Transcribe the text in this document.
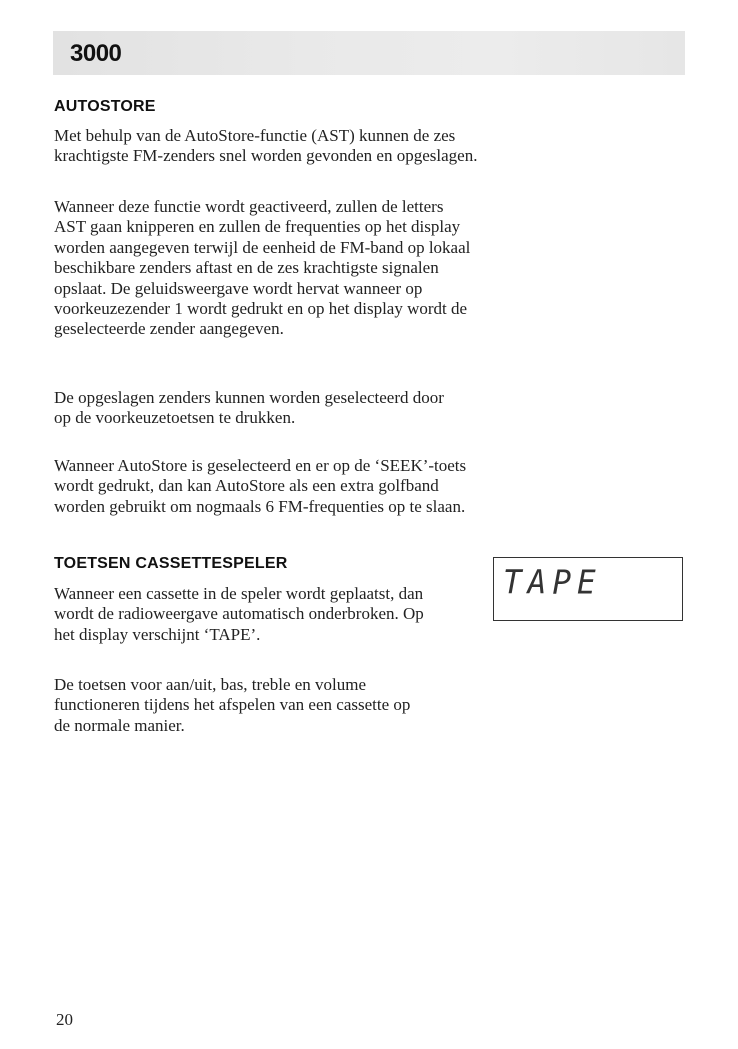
3000
AUTOSTORE

Met behulp van de AutoStore-functie (AST) kunnen de zes krachtigste FM-zenders snel worden gevonden en opgeslagen.

Wanneer deze functie wordt geactiveerd, zullen de letters AST gaan knipperen en zullen de frequenties op het display worden aangegeven terwijl de eenheid de FM-band op lokaal beschikbare zenders aftast en de zes krachtigste signalen opslaat. De geluidsweergave wordt hervat wanneer op voorkeuzezender 1 wordt gedrukt en op het display wordt de geselecteerde zender aangegeven.

De opgeslagen zenders kunnen worden geselecteerd door op de voorkeuzetoetsen te drukken.

Wanneer AutoStore is geselecteerd en er op de ‘SEEK’-toets wordt gedrukt, dan kan AutoStore als een extra golfband worden gebruikt om nogmaals 6 FM-frequenties op te slaan.

TOETSEN CASSETTESPELER

Wanneer een cassette in de speler wordt geplaatst, dan wordt de radioweergave automatisch onderbroken. Op het display verschijnt ‘TAPE’.

De toetsen voor aan/uit, bas, treble en volume functioneren tijdens het afspelen van een cassette op de normale manier.

TAPE
20
